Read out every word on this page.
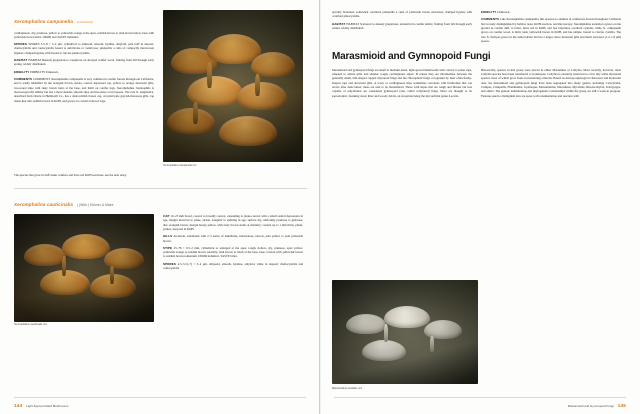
Xeromphalina campanella (continued)

cartilaginous, dry, pruinose, yellow to yellowish orange at the apex, reddish brown to dark brown below, base with yellowish brown hairs. ODOR and TASTE indistinct.

SPORES SPORES 5.5–8 × 3–4 µm, cylindrical to ellipsoid, smooth, hyaline, amyloid, pale buff in deposit; cheilocystidia and caulocystidia fusoid to subclavate or ventricose; pileipellis a cutis of compactly interwoven hyphae; clamped hyphae with fusoid to clavate pleurocystidia.

HABITAT HABITAT Densely gregarious to caespitose on decayed conifer wood, fruiting from fall through early spring, widely distributed.

EDIBILITY EDIBILITY Unknown.

COMMENTS COMMENTS Xeromphalina campanella is very common in conifer forests through-out California, and is easily identified by the orangish brown, striate, convex depressed cap, yellow to orange decurrent gills, two-toned stipe with rusty brown hairs at the base, and habit on conifer logs. Xeromphalina fraxinophila is macroscopically similar but has a more slender, smooth stipe and has more ovoid spores. The rare X. enigmatica, described from Oriole in Humboldt Co., has a dark reddish brown cap, crowded pale grayish-tinaceous gills, cap tissue that turn reddish brown in KOH, and grows on coastal redwood logs.

Xeromphalina campanella ncs

The species that grow in duff under conifers and have red KOH reactions, see the next entry.

Xeromphalina cauticinalis | (With.) Kühner & Maire
Xeromphalina cauticinalis ncs

CAP 10–25 mm broad, convex to broadly convex, expanding to plane-convex with a small central depression in age, margin incurved to plane, striate, irregular to splitting in age, surface dry, uniformly pruinose to glabrous; disc orangish brown, margin honey-yellow, with rusty brown stains at maturity; context up to 1 mm thick, pliant, yellow, deep red in KOH.

GILLS decurrent, subdistant with 2–3 series of lamellulae, intervenose, narrow, pale yellow to pale yellowish brown.

STIPE 25–78 × 0.5–2 mm, cylindrical or enlarged at the apex, tough, hollow, dry, pruinose, apex yellow, yellowish orange to reddish brown centrally, dark brown to black at the base, base covered with yellowish brown to reddish brown tomentum. ODOR indistinct. TASTE bitter.

SPORES 4.5–5.5(–7) × 3–4 µm, ellipsoid, smooth, hyaline, amyloid, white in deposit; cheilocystidia and caulocystidia

144 Light-Spored Gilled Mushrooms

apically branched, somewhat coralloid; pileipellis a cutis of yellowish brown encrusted, clamped hyphae with coralloid pileocystidia.

HABITAT HABITAT Scattered to densely gregarious, terrestrial in conifer debris; fruiting from fall through early winter, widely distributed.

EDIBILITY Unknown.

COMMENTS Like Xeromphalina campanella, this species is common in coniferous forests throughout California but is rarely distinguished by habitat, taste, KOH reaction, and microscopy. Xeromphalina aurantiaca grows on the ground in conifer duff, is bitter, turns red in KOH, and has branched, coralloid cystidia, while X. campanella grows on conifer wood, is mild, turns yellowish brown in KOH, and has simple, fusoid to clavate cystidia. The rare X. fulvipes grows in the same habitat but has a larger, more decurrent gills and much narrower (1.2–1.8 µm) spores.

Marasmioid and Gymnopoid Fungi

Marasmioid and gymnopoid fungi are small to medium-sized, light-spored mushrooms with convex to plane caps, adnexed to adnate gills, and slender, tough, cartilaginous stipes. In nature they are intermediate between the generally small, bell-shaped capped mycenoid fungi and the chlorophoid fungi, recognized by their often fleshy-shaped caps and decurrent gills. A waxy or cartilaginous stipe sometimes correlates with fruitbodies that can revive after desiccation; these are said to be marasmioid. Those with stipes that are tough and fibrous but less capable of rehydration are considered gymnopoid (also called collybioid) fungi. Most are thought to be saprotrophic, breaking down litter and woody debris, an exception being the mycorrhizal genus Lacaria.

Historically, species in this group were placed in either Marasmius or Collybia. More recently, however, most Collybia species have been transferred to Gymnopus. Collybia is currently restricted to a few tiny white mycenoid species, most of which grow from overwintering sclerotia. Based on microporphological characters and molecular data, the marasmioid and gymnopoid fungi have been segregated into many genera, including Calocybella, Crinipes, Crinipellis, Flammulina, Gymnopus, Marasmiellus, Marasmius, Mycetinis, Rhodocollybia, Tetrapyrgos, and others. The generic delimitations and phylogenetic relationships within the group are still a work in progress. Features used to distinguish taxa are spore wall ornamentation and reaction with

Marasmiellus candidus ncs
Marasmioid and Gymnopoid Fungi 145
